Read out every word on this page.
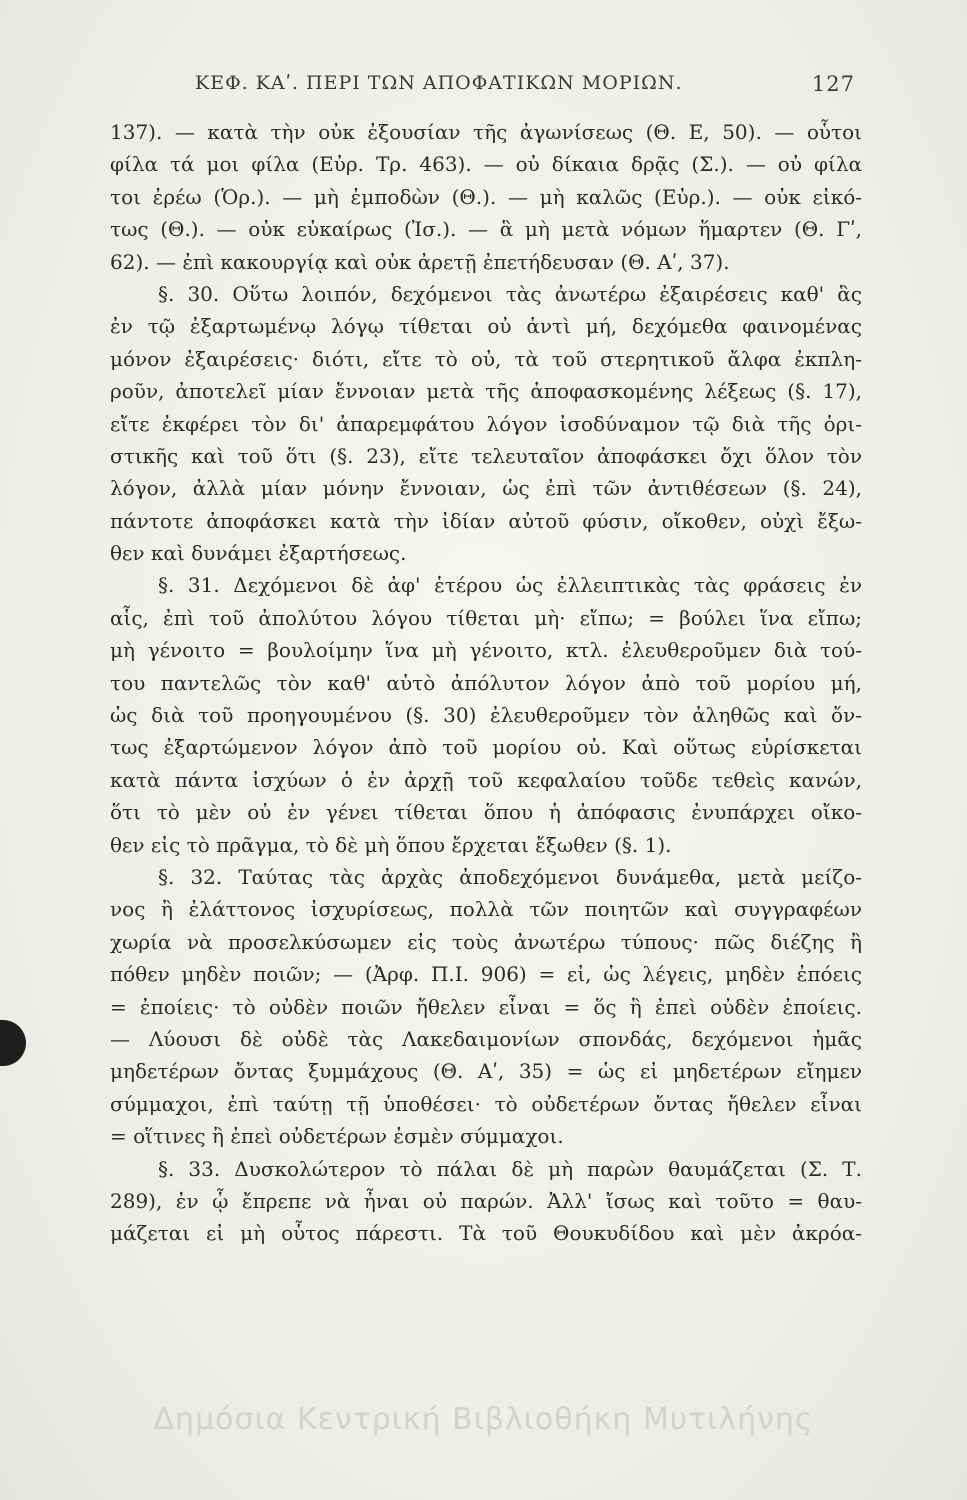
ΚΕΦ. ΚΑʹ. ΠΕΡΙ ΤΩΝ ΑΠΟΦΑΤΙΚΩΝ ΜΟΡΙΩΝ.	127
137). — κατὰ τὴν οὐκ ἐξουσίαν τῆς ἀγωνίσεως (Θ. Ε, 50). — οὗτοι
φίλα τά μοι φίλα (Εὐρ. Τρ. 463). — οὐ δίκαια δρᾷς (Σ.). — οὐ φίλα
τοι ἐρέω (Ὁρ.). — μὴ ἐμποδὼν (Θ.). — μὴ καλῶς (Εὐρ.). — οὐκ εἰκό-
τως (Θ.). — οὐκ εὐκαίρως (Ἰσ.). — ἃ μὴ μετὰ νόμων ἥμαρτεν (Θ. Γʹ,
62). — ἐπὶ κακουργίᾳ καὶ οὐκ ἀρετῇ ἐπετήδευσαν (Θ. Αʹ, 37).
§. 30. Οὕτω λοιπόν, δεχόμενοι τὰς ἀνωτέρω ἐξαιρέσεις καθ' ἃς
ἐν τῷ ἐξαρτωμένῳ λόγῳ τίθεται οὐ ἀντὶ μή, δεχόμεθα φαινομένας
μόνον ἐξαιρέσεις· διότι, εἴτε τὸ οὐ, τὰ τοῦ στερητικοῦ ἄλφα ἐκπλη-
ροῦν, ἀποτελεῖ μίαν ἔννοιαν μετὰ τῆς ἀποφασκομένης λέξεως (§. 17),
εἴτε ἐκφέρει τὸν δι' ἀπαρεμφάτου λόγον ἰσοδύναμον τῷ διὰ τῆς ὁρι-
στικῆς καὶ τοῦ ὅτι (§. 23), εἴτε τελευταῖον ἀποφάσκει ὄχι ὅλον τὸν
λόγον, ἀλλὰ μίαν μόνην ἔννοιαν, ὡς ἐπὶ τῶν ἀντιθέσεων (§. 24),
πάντοτε ἀποφάσκει κατὰ τὴν ἰδίαν αὐτοῦ φύσιν, οἴκοθεν, οὐχὶ ἔξω-
θεν καὶ δυνάμει ἐξαρτήσεως.
§. 31. Δεχόμενοι δὲ ἀφ' ἑτέρου ὡς ἐλλειπτικὰς τὰς φράσεις ἐν
αἷς, ἐπὶ τοῦ ἀπολύτου λόγου τίθεται μὴ· εἴπω; = βούλει ἵνα εἴπω;
μὴ γένοιτο = βουλοίμην ἵνα μὴ γένοιτο, κτλ. ἐλευθεροῦμεν διὰ τού-
του παντελῶς τὸν καθ' αὑτὸ ἀπόλυτον λόγον ἀπὸ τοῦ μορίου μή,
ὡς διὰ τοῦ προηγουμένου (§. 30) ἐλευθεροῦμεν τὸν ἀληθῶς καὶ ὄν-
τως ἐξαρτώμενον λόγον ἀπὸ τοῦ μορίου οὐ. Καὶ οὕτως εὑρίσκεται
κατὰ πάντα ἰσχύων ὁ ἐν ἀρχῇ τοῦ κεφαλαίου τοῦδε τεθεὶς κανών,
ὅτι τὸ μὲν οὐ ἐν γένει τίθεται ὅπου ἡ ἀπόφασις ἐνυπάρχει οἴκο-
θεν εἰς τὸ πρᾶγμα, τὸ δὲ μὴ ὅπου ἔρχεται ἔξωθεν (§. 1).
§. 32. Ταύτας τὰς ἀρχὰς ἀποδεχόμενοι δυνάμεθα, μετὰ μείζο-
νος ἢ ἐλάττονος ἰσχυρίσεως, πολλὰ τῶν ποιητῶν καὶ συγγραφέων
χωρία νὰ προσελκύσωμεν εἰς τοὺς ἀνωτέρω τύπους· πῶς διέζης ἢ
πόθεν μηδὲν ποιῶν; — (Ἀρφ. Π.Ι. 906) = εἰ, ὡς λέγεις, μηδὲν ἐπόεις
= ἐποίεις· τὸ οὐδὲν ποιῶν ἤθελεν εἶναι = ὅς ἢ ἐπεὶ οὐδὲν ἐποίεις.
— Λύουσι δὲ οὐδὲ τὰς Λακεδαιμονίων σπονδάς, δεχόμενοι ἡμᾶς
μηδετέρων ὄντας ξυμμάχους (Θ. Αʹ, 35) = ὡς εἰ μηδετέρων εἴημεν
σύμμαχοι, ἐπὶ ταύτῃ τῇ ὑποθέσει· τὸ οὐδετέρων ὄντας ἤθελεν εἶναι
= οἵτινες ἢ ἐπεὶ οὐδετέρων ἐσμὲν σύμμαχοι.
§. 33. Δυσκολώτερον τὸ πάλαι δὲ μὴ παρὼν θαυμάζεται (Σ. Τ.
289), ἐν ᾧ ἔπρεπε νὰ ἦναι οὐ παρών. Ἀλλ' ἴσως καὶ τοῦτο = θαυ-
μάζεται εἰ μὴ οὗτος πάρεστι. Τὰ τοῦ Θουκυδίδου καὶ μὲν ἀκρόα-
Δημόσια Κεντρική Βιβλιοθήκη Μυτιλήνης
